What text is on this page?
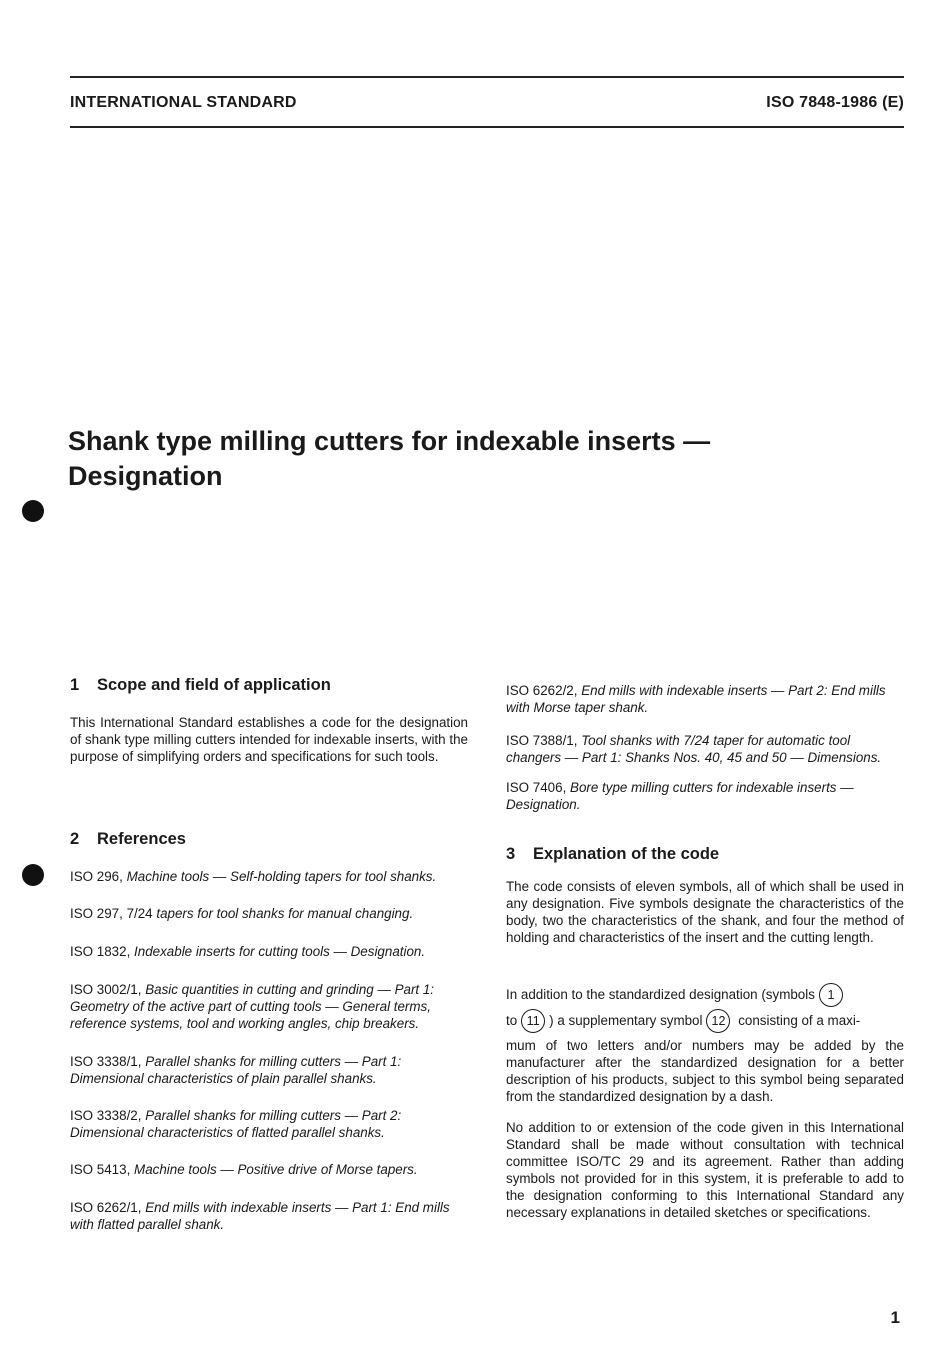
INTERNATIONAL STANDARD	ISO 7848-1986 (E)
Shank type milling cutters for indexable inserts —
Designation
1 Scope and field of application

This International Standard establishes a code for the designation of shank type milling cutters intended for indexable inserts, with the purpose of simplifying orders and specifications for such tools.

2 References

ISO 296, Machine tools — Self-holding tapers for tool shanks.

ISO 297, 7/24 tapers for tool shanks for manual changing.

ISO 1832, Indexable inserts for cutting tools — Designation.

ISO 3002/1, Basic quantities in cutting and grinding — Part 1: Geometry of the active part of cutting tools — General terms, reference systems, tool and working angles, chip breakers.

ISO 3338/1, Parallel shanks for milling cutters — Part 1: Dimensional characteristics of plain parallel shanks.

ISO 3338/2, Parallel shanks for milling cutters — Part 2: Dimensional characteristics of flatted parallel shanks.

ISO 5413, Machine tools — Positive drive of Morse tapers.

ISO 6262/1, End mills with indexable inserts — Part 1: End mills with flatted parallel shank.

ISO 6262/2, End mills with indexable inserts — Part 2: End mills with Morse taper shank.

ISO 7388/1, Tool shanks with 7/24 taper for automatic tool changers — Part 1: Shanks Nos. 40, 45 and 50 — Dimensions.

ISO 7406, Bore type milling cutters for indexable inserts — Designation.

3 Explanation of the code

The code consists of eleven symbols, all of which shall be used in any designation. Five symbols designate the characteristics of the body, two the characteristics of the shank, and four the method of holding and characteristics of the insert and the cutting length.

In addition to the standardized designation (symbols 1

to 11 ) a supplementary symbol 12 consisting of a maxi-

mum of two letters and/or numbers may be added by the manufacturer after the standardized designation for a better description of his products, subject to this symbol being separated from the standardized designation by a dash.

No addition to or extension of the code given in this International Standard shall be made without consultation with technical committee ISO/TC 29 and its agreement. Rather than adding symbols not provided for in this system, it is preferable to add to the designation conforming to this International Standard any necessary explanations in detailed sketches or specifications.

1
